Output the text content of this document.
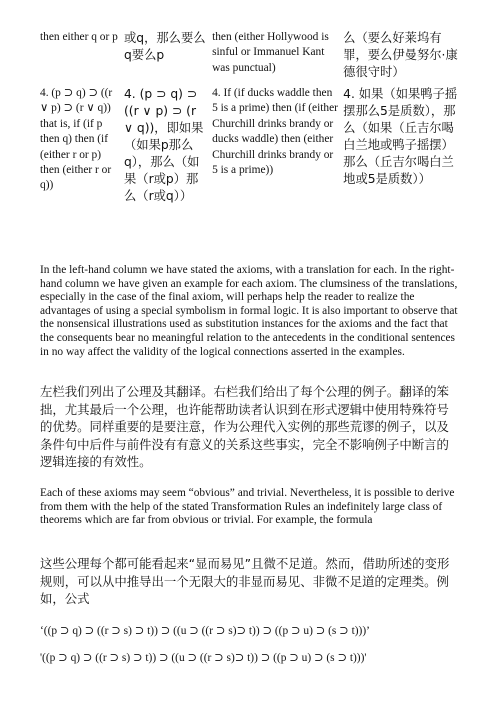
then either q or p	或q，那么要么q要么p	then (either Hollywood is sinful or Immanuel Kant was punctual)	么（要么好莱坞有罪，要么伊曼努尔·康德很守时）
4. (p ⊃ q) ⊃ ((r ∨ p) ⊃ (r ∨ q)) that is, if (if p then q) then (if (either r or p) then (either r or q))	4. (p ⊃ q) ⊃ ((r ∨ p) ⊃ (r ∨ q))，即如果（如果p那么q），那么（如果（r或p）那么（r或q））	4. If (if ducks waddle then 5 is a prime) then (if (either Churchill drinks brandy or ducks waddle) then (either Churchill drinks brandy or 5 is a prime))	4. 如果（如果鸭子摇摆那么5是质数），那么（如果（丘吉尔喝白兰地或鸭子摇摆）那么（丘吉尔喝白兰地或5是质数））

In the left-hand column we have stated the axioms, with a translation for each. In the right-hand column we have given an example for each axiom. The clumsiness of the translations, especially in the case of the final axiom, will perhaps help the reader to realize the advantages of using a special symbolism in formal logic. It is also important to observe that the nonsensical illustrations used as substitution instances for the axioms and the fact that the consequents bear no meaningful relation to the antecedents in the conditional sentences in no way affect the validity of the logical connections asserted in the examples.

左栏我们列出了公理及其翻译。右栏我们给出了每个公理的例子。翻译的笨拙，尤其最后一个公理，也许能帮助读者认识到在形式逻辑中使用特殊符号的优势。同样重要的是要注意，作为公理代入实例的那些荒谬的例子，以及条件句中后件与前件没有有意义的关系这些事实，完全不影响例子中断言的逻辑连接的有效性。

Each of these axioms may seem “obvious” and trivial. Nevertheless, it is possible to derive from them with the help of the stated Transformation Rules an indefinitely large class of theorems which are far from obvious or trivial. For example, the formula

这些公理每个都可能看起来“显而易见”且微不足道。然而，借助所述的变形规则，可以从中推导出一个无限大的非显而易见、非微不足道的定理类。例如，公式

‘((p ⊃ q) ⊃ ((r ⊃ s) ⊃ t)) ⊃ ((u ⊃ ((r ⊃ s)⊃ t)) ⊃ ((p ⊃ u) ⊃ (s ⊃ t)))’

'((p ⊃ q) ⊃ ((r ⊃ s) ⊃ t)) ⊃ ((u ⊃ ((r ⊃ s)⊃ t)) ⊃ ((p ⊃ u) ⊃ (s ⊃ t)))'
